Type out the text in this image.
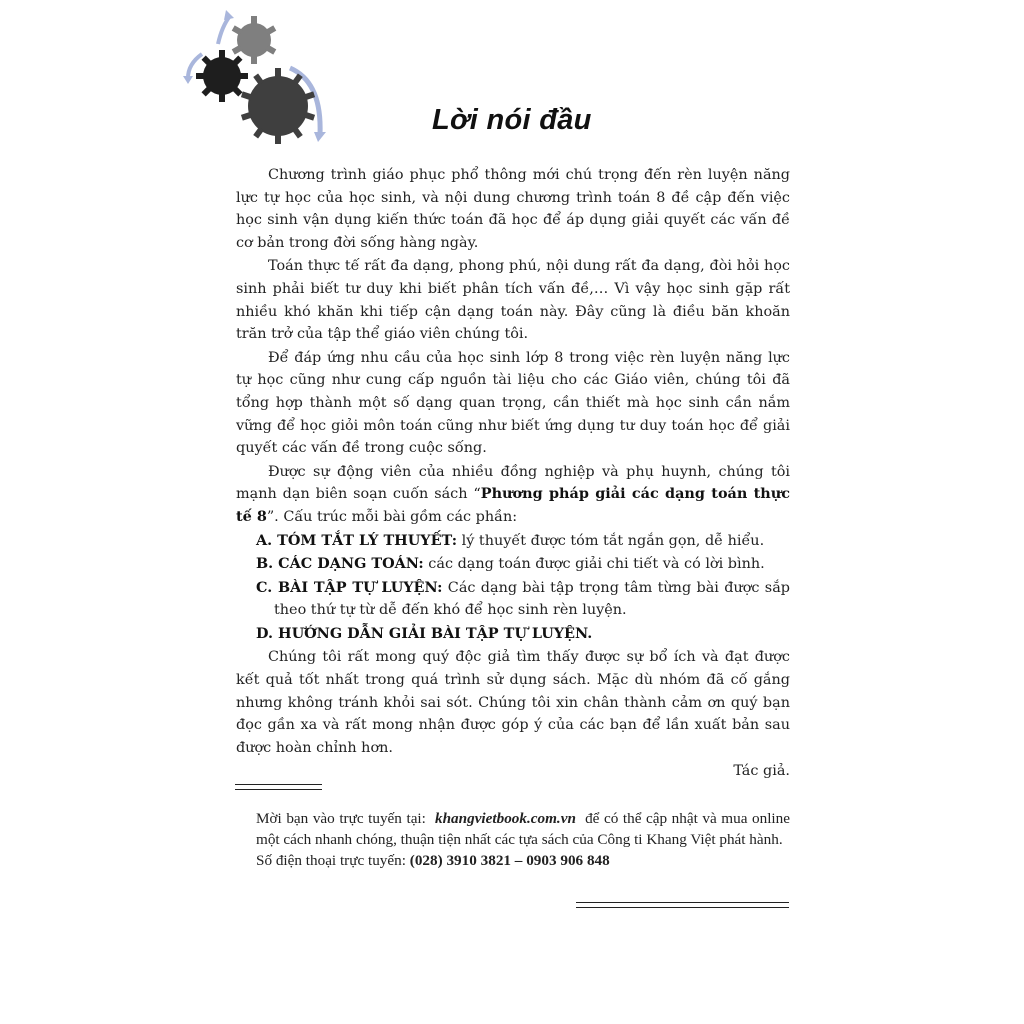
Lời nói đầu

Chương trình giáo phục phổ thông mới chú trọng đến rèn luyện năng lực tự học của học sinh, và nội dung chương trình toán 8 đề cập đến việc học sinh vận dụng kiến thức toán đã học để áp dụng giải quyết các vấn đề cơ bản trong đời sống hàng ngày.

Toán thực tế rất đa dạng, phong phú, nội dung rất đa dạng, đòi hỏi học sinh phải biết tư duy khi biết phân tích vấn đề,… Vì vậy học sinh gặp rất nhiều khó khăn khi tiếp cận dạng toán này. Đây cũng là điều băn khoăn trăn trở của tập thể giáo viên chúng tôi.

Để đáp ứng nhu cầu của học sinh lớp 8 trong việc rèn luyện năng lực tự học cũng như cung cấp nguồn tài liệu cho các Giáo viên, chúng tôi đã tổng hợp thành một số dạng quan trọng, cần thiết mà học sinh cần nắm vững để học giỏi môn toán cũng như biết ứng dụng tư duy toán học để giải quyết các vấn đề trong cuộc sống.

Được sự động viên của nhiều đồng nghiệp và phụ huynh, chúng tôi mạnh dạn biên soạn cuốn sách “Phương pháp giải các dạng toán thực tế 8”. Cấu trúc mỗi bài gồm các phần:

A. TÓM TẮT LÝ THUYẾT: lý thuyết được tóm tắt ngắn gọn, dễ hiểu.

B. CÁC DẠNG TOÁN: các dạng toán được giải chi tiết và có lời bình.

C. BÀI TẬP TỰ LUYỆN: Các dạng bài tập trọng tâm từng bài được sắp theo thứ tự từ dễ đến khó để học sinh rèn luyện.

D. HƯỚNG DẪN GIẢI BÀI TẬP TỰ LUYỆN.

Chúng tôi rất mong quý độc giả tìm thấy được sự bổ ích và đạt được kết quả tốt nhất trong quá trình sử dụng sách. Mặc dù nhóm đã cố gắng nhưng không tránh khỏi sai sót. Chúng tôi xin chân thành cảm ơn quý bạn đọc gần xa và rất mong nhận được góp ý của các bạn để lần xuất bản sau được hoàn chỉnh hơn.

Tác giả.

Mời bạn vào trực tuyến tại:  khangvietbook.com.vn  để có thể cập nhật và mua online một cách nhanh chóng, thuận tiện nhất các tựa sách của Công ti Khang Việt phát hành.

Số điện thoại trực tuyến: (028) 3910 3821 – 0903 906 848
